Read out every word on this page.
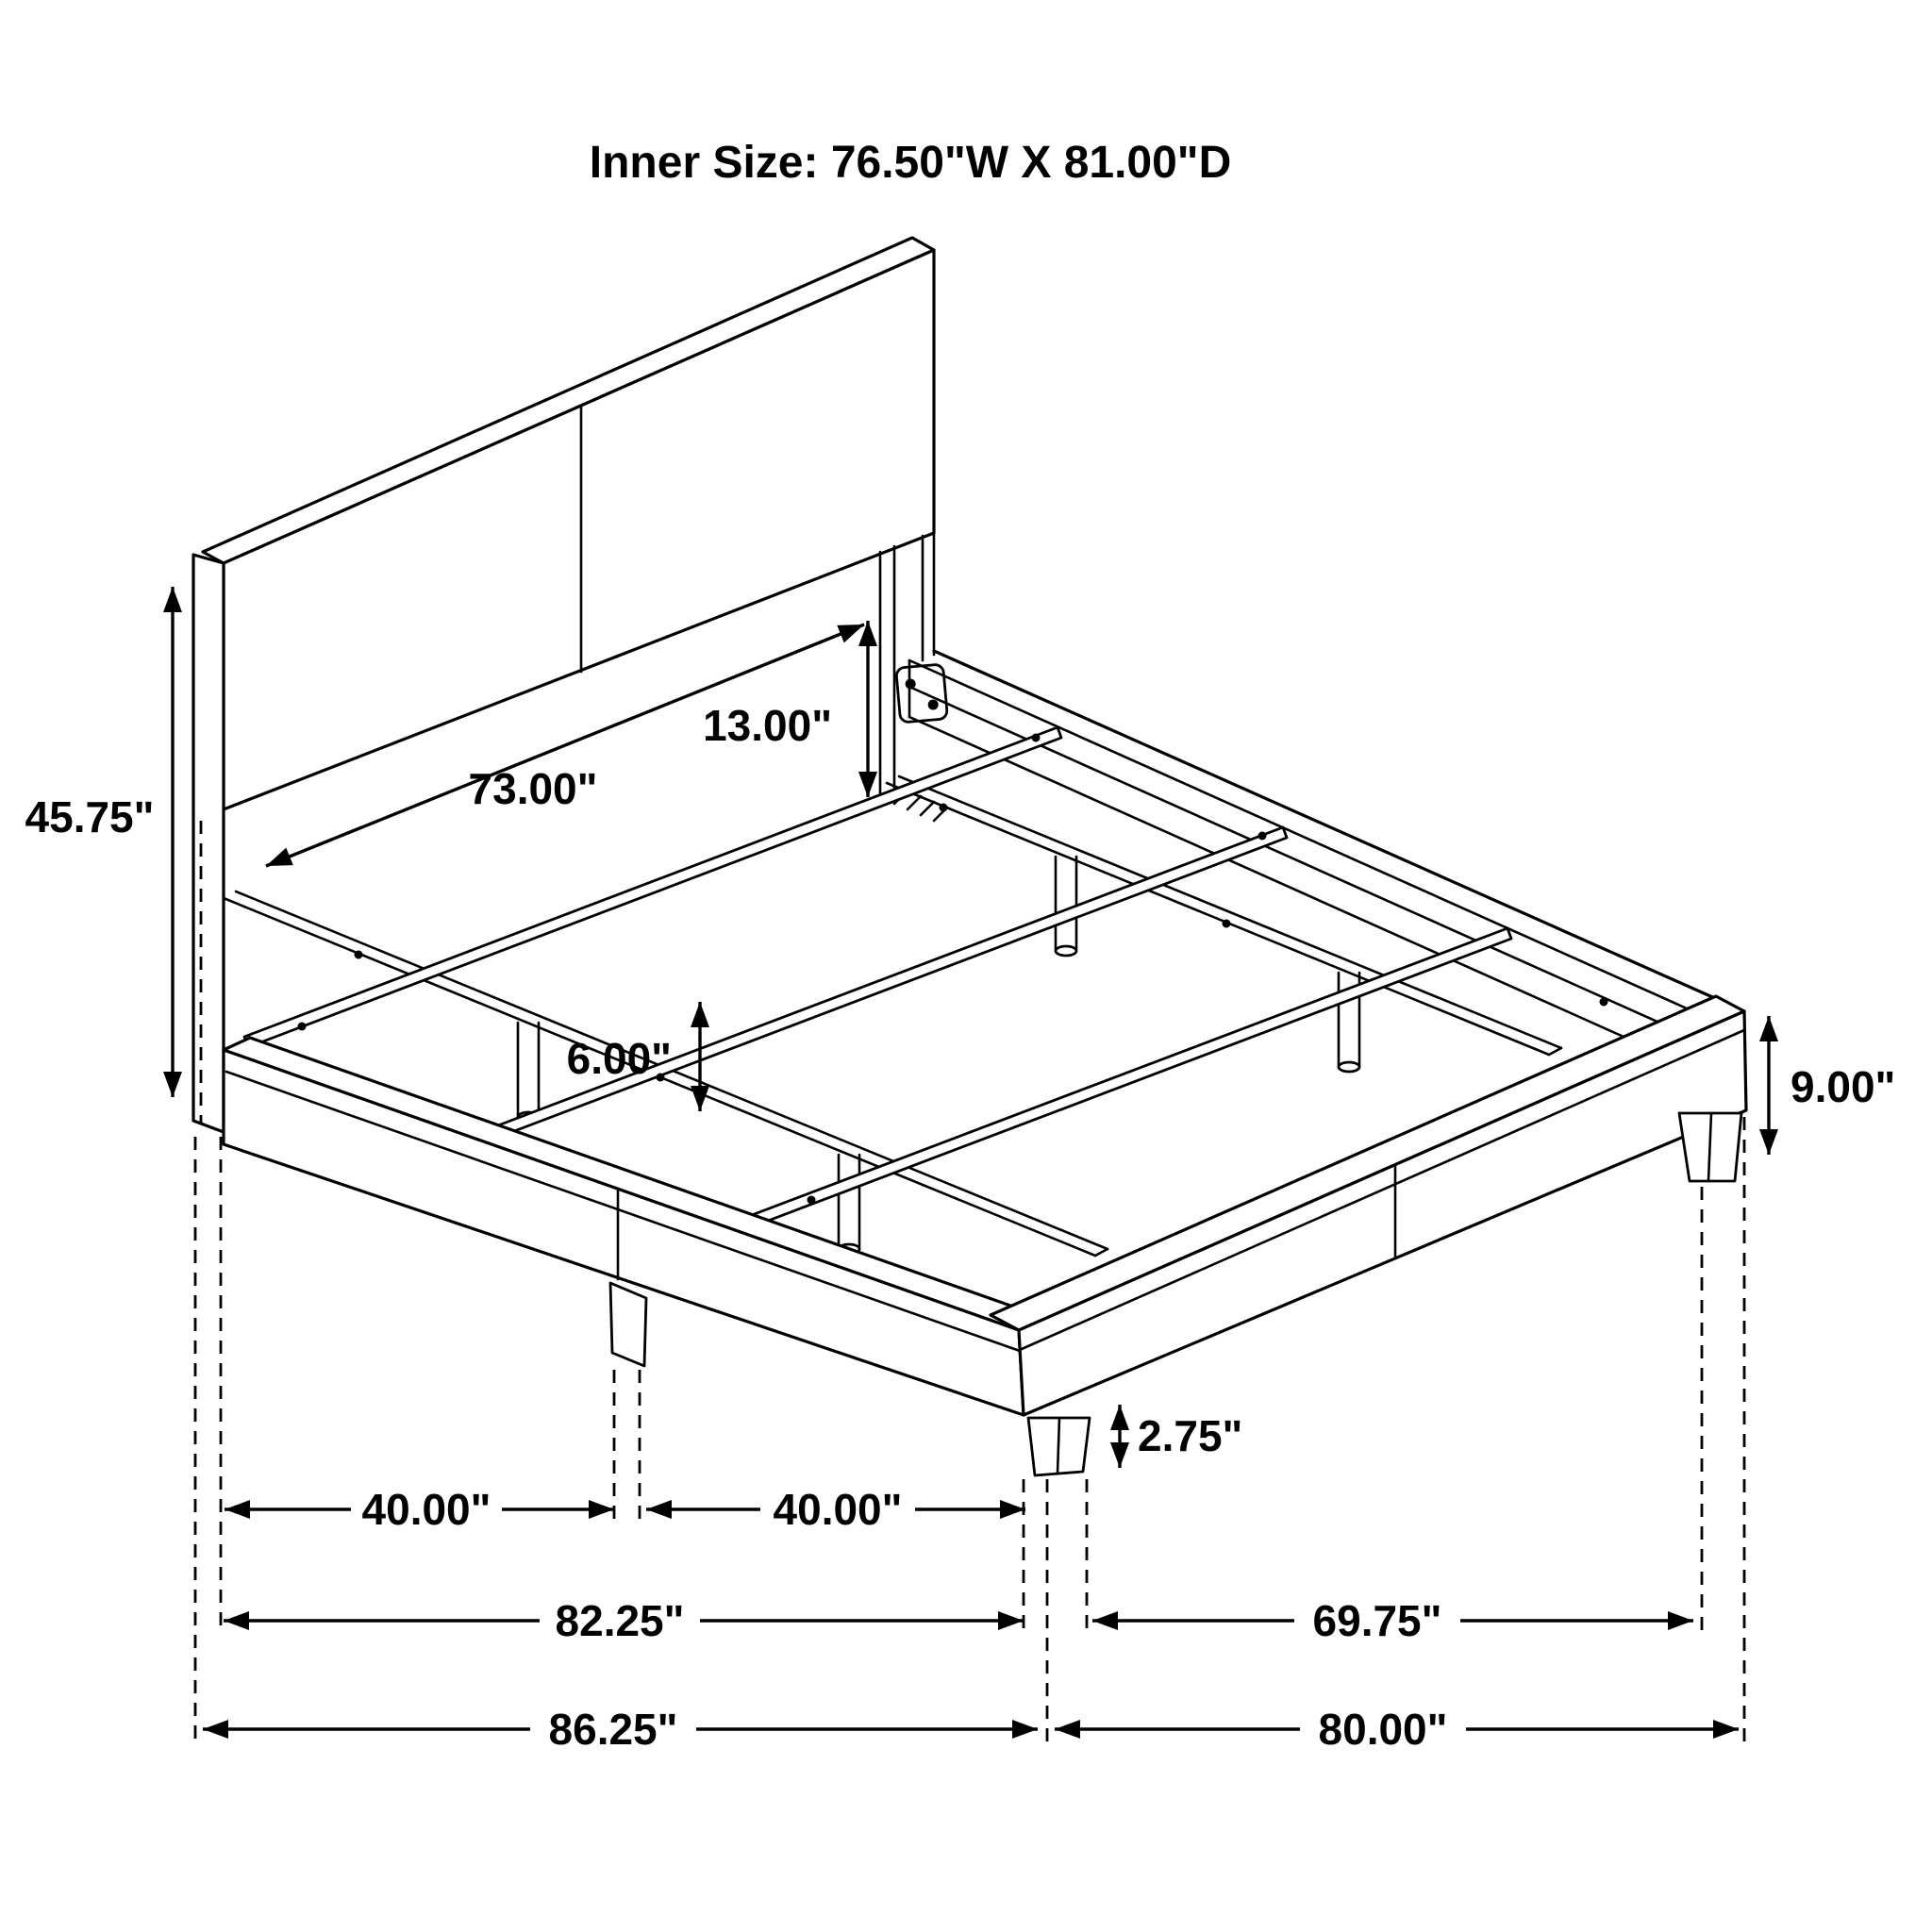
Inner Size: 76.50"W X 81.00"D
45.75"
73.00"
13.00"
6.00"
9.00"
2.75"
40.00"	40.00"
82.25"	69.75"
86.25"	80.00"
